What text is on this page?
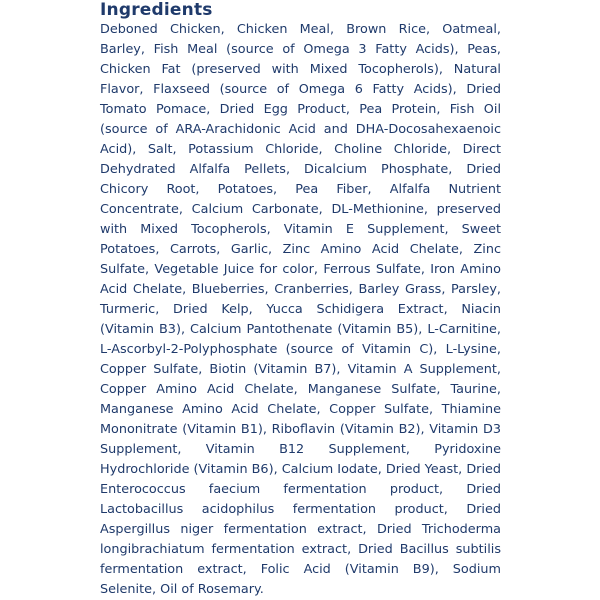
Ingredients

Deboned Chicken, Chicken Meal, Brown Rice, Oatmeal, Barley, Fish Meal (source of Omega 3 Fatty Acids), Peas, Chicken Fat (preserved with Mixed Tocopherols), Natural Flavor, Flaxseed (source of Omega 6 Fatty Acids), Dried Tomato Pomace, Dried Egg Product, Pea Protein, Fish Oil (source of ARA-Arachidonic Acid and DHA-Docosahexaenoic Acid), Salt, Potassium Chloride, Choline Chloride, Direct Dehydrated Alfalfa Pellets, Dicalcium Phosphate, Dried Chicory Root, Potatoes, Pea Fiber, Alfalfa Nutrient Concentrate, Calcium Carbonate, DL-Methionine, preserved with Mixed Tocopherols, Vitamin E Supplement, Sweet Potatoes, Carrots, Garlic, Zinc Amino Acid Chelate, Zinc Sulfate, Vegetable Juice for color, Ferrous Sulfate, Iron Amino Acid Chelate, Blueberries, Cranberries, Barley Grass, Parsley, Turmeric, Dried Kelp, Yucca Schidigera Extract, Niacin (Vitamin B3), Calcium Pantothenate (Vitamin B5), L-Carnitine, L-Ascorbyl-2-Polyphosphate (source of Vitamin C), L-Lysine, Copper Sulfate, Biotin (Vitamin B7), Vitamin A Supplement, Copper Amino Acid Chelate, Manganese Sulfate, Taurine, Manganese Amino Acid Chelate, Copper Sulfate, Thiamine Mononitrate (Vitamin B1), Riboflavin (Vitamin B2), Vitamin D3 Supplement, Vitamin B12 Supplement, Pyridoxine Hydrochloride (Vitamin B6), Calcium Iodate, Dried Yeast, Dried Enterococcus faecium fermentation product, Dried Lactobacillus acidophilus fermentation product, Dried Aspergillus niger fermentation extract, Dried Trichoderma longibrachiatum fermentation extract, Dried Bacillus subtilis fermentation extract, Folic Acid (Vitamin B9), Sodium Selenite, Oil of Rosemary.
